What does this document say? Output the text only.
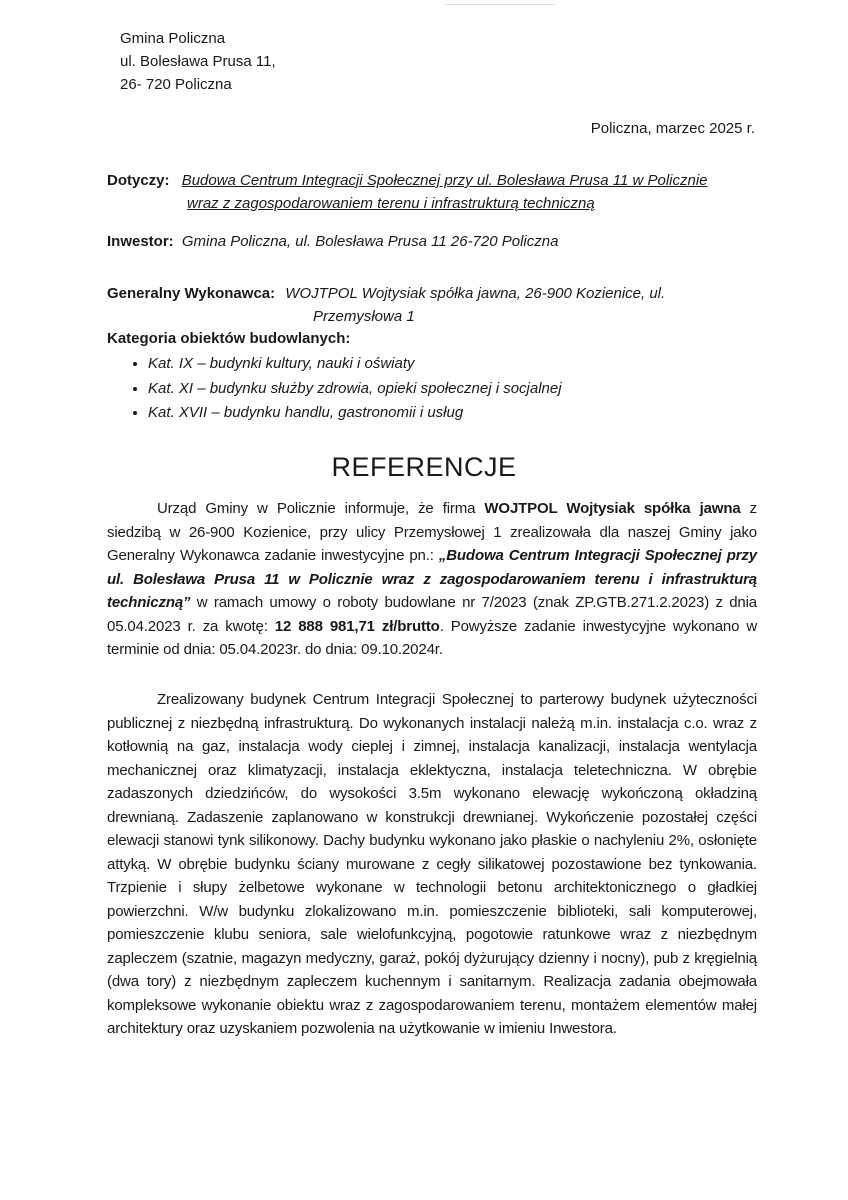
Gmina Policzna
ul. Bolesława Prusa 11,
26- 720 Policzna
Policzna, marzec 2025 r.
Dotyczy: Budowa Centrum Integracji Społecznej przy ul. Bolesława Prusa 11 w Policznie
wraz z zagospodarowaniem terenu i infrastrukturą techniczną
Inwestor: Gmina Policzna, ul. Bolesława Prusa 11 26-720 Policzna
Generalny Wykonawca: WOJTPOL Wojtysiak spółka jawna, 26-900 Kozienice, ul.
Przemysłowa 1
Kategoria obiektów budowlanych:
• Kat. IX – budynki kultury, nauki i oświaty
• Kat. XI – budynku służby zdrowia, opieki społecznej i socjalnej
• Kat. XVII – budynku handlu, gastronomii i usług
REFERENCJE

Urząd Gminy w Policznie informuje, że firma WOJTPOL Wojtysiak spółka jawna z siedzibą w 26-900 Kozienice, przy ulicy Przemysłowej 1 zrealizowała dla naszej Gminy jako Generalny Wykonawca zadanie inwestycyjne pn.: „Budowa Centrum Integracji Społecznej przy ul. Bolesława Prusa 11 w Policznie wraz z zagospodarowaniem terenu i infrastrukturą techniczną” w ramach umowy o roboty budowlane nr 7/2023 (znak ZP.GTB.271.2.2023) z dnia 05.04.2023 r. za kwotę: 12 888 981,71 zł/brutto. Powyższe zadanie inwestycyjne wykonano w terminie od dnia: 05.04.2023r. do dnia: 09.10.2024r.

Zrealizowany budynek Centrum Integracji Społecznej to parterowy budynek użyteczności publicznej z niezbędną infrastrukturą. Do wykonanych instalacji należą m.in. instalacja c.o. wraz z kotłownią na gaz, instalacja wody cieplej i zimnej, instalacja kanalizacji, instalacja wentylacja mechanicznej oraz klimatyzacji, instalacja eklektyczna, instalacja teletechniczna. W obrębie zadaszonych dziedzińców, do wysokości 3.5m wykonano elewację wykończoną okładziną drewnianą. Zadaszenie zaplanowano w konstrukcji drewnianej. Wykończenie pozostałej części elewacji stanowi tynk silikonowy. Dachy budynku wykonano jako płaskie o nachyleniu 2%, osłonięte attyką. W obrębie budynku ściany murowane z cegły silikatowej pozostawione bez tynkowania. Trzpienie i słupy żelbetowe wykonane w technologii betonu architektonicznego o gładkiej powierzchni. W/w budynku zlokalizowano m.in. pomieszczenie biblioteki, sali komputerowej, pomieszczenie klubu seniora, sale wielofunkcyjną, pogotowie ratunkowe wraz z niezbędnym zapleczem (szatnie, magazyn medyczny, garaż, pokój dyżurujący dzienny i nocny), pub z kręgielnią (dwa tory) z niezbędnym zapleczem kuchennym i sanitarnym. Realizacja zadania obejmowała kompleksowe wykonanie obiektu wraz z zagospodarowaniem terenu, montażem elementów małej architektury oraz uzyskaniem pozwolenia na użytkowanie w imieniu Inwestora.
